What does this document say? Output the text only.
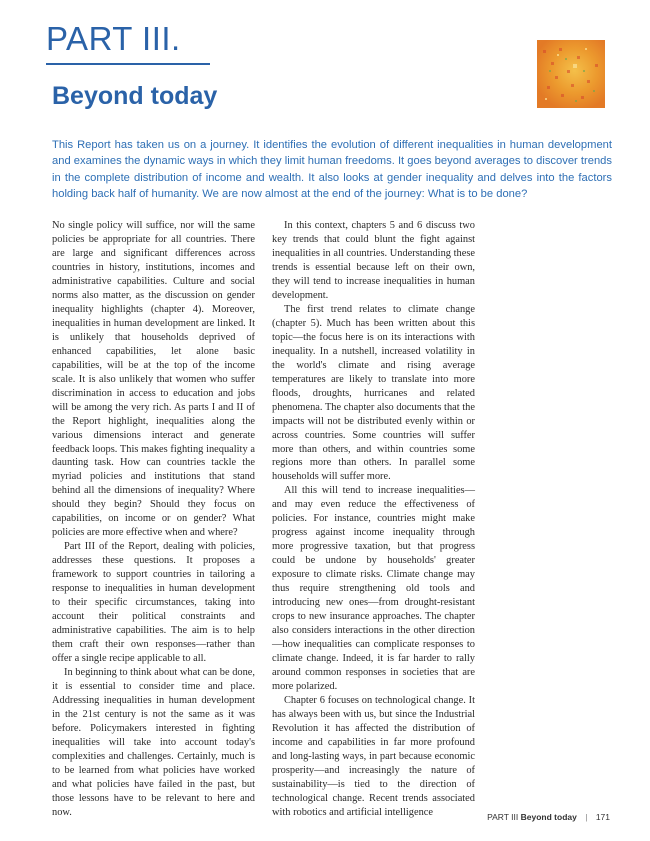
PART III.
Beyond today

This Report has taken us on a journey. It identifies the evolution of different inequalities in human development and examines the dynamic ways in which they limit human freedoms. It goes beyond averages to discover trends in the complete distribution of income and wealth. It also looks at gender inequality and delves into the factors holding back half of humanity. We are now almost at the end of the journey: What is to be done?

No single policy will suffice, nor will the same policies be appropriate for all countries. There are large and significant differences across countries in history, institutions, incomes and administrative capabilities. Culture and social norms also matter, as the discussion on gender inequality highlights (chapter 4). Moreover, inequalities in human development are linked. It is unlikely that households deprived of enhanced capabilities, let alone basic capabilities, will be at the top of the income scale. It is also unlikely that women who suffer discrimination in access to education and jobs will be among the very rich. As parts I and II of the Report highlight, inequalities along the various dimensions interact and generate feedback loops. This makes fighting inequality a daunting task. How can countries tackle the myriad policies and institutions that stand behind all the dimensions of inequality? Where should they begin? Should they focus on capabilities, on income or on gender? What policies are more effective when and where?

Part III of the Report, dealing with policies, addresses these questions. It proposes a framework to support countries in tailoring a response to inequalities in human development to their specific circumstances, taking into account their political constraints and administrative capabilities. The aim is to help them craft their own responses—rather than offer a single recipe applicable to all.

In beginning to think about what can be done, it is essential to consider time and place. Addressing inequalities in human development in the 21st century is not the same as it was before. Policymakers interested in fighting inequalities will take into account today's complexities and challenges. Certainly, much is to be learned from what policies have worked and what policies have failed in the past, but those lessons have to be relevant to here and now.

In this context, chapters 5 and 6 discuss two key trends that could blunt the fight against inequalities in all countries. Understanding these trends is essential because left on their own, they will tend to increase inequalities in human development.

The first trend relates to climate change (chapter 5). Much has been written about this topic—the focus here is on its interactions with inequality. In a nutshell, increased volatility in the world's climate and rising average temperatures are likely to translate into more floods, droughts, hurricanes and related phenomena. The chapter also documents that the impacts will not be distributed evenly within or across countries. Some countries will suffer more than others, and within countries some regions more than others. In parallel some households will suffer more.

All this will tend to increase inequalities—and may even reduce the effectiveness of policies. For instance, countries might make progress against income inequality through more progressive taxation, but that progress could be undone by households' greater exposure to climate risks. Climate change may thus require strengthening old tools and introducing new ones—from drought-resistant crops to new insurance approaches. The chapter also considers interactions in the other direction—how inequalities can complicate responses to climate change. Indeed, it is far harder to rally around common responses in societies that are more polarized.

Chapter 6 focuses on technological change. It has always been with us, but since the Industrial Revolution it has affected the distribution of income and capabilities in far more profound and long-lasting ways, in part because economic prosperity—and increasingly the nature of sustainability—is tied to the direction of technological change. Recent trends associated with robotics and artificial intelligence	PART III Beyond today | 171
